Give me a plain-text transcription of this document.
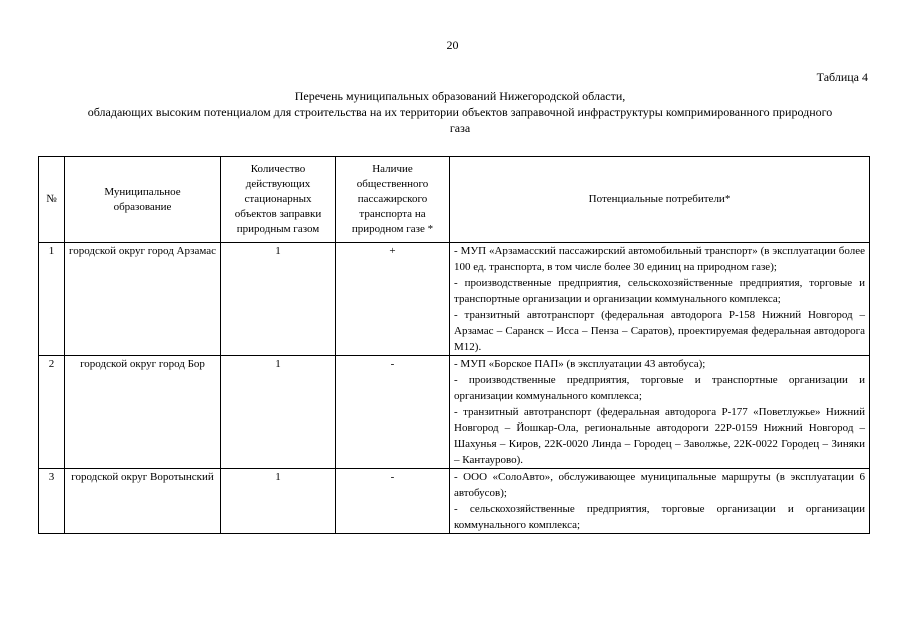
20
Таблица 4
Перечень муниципальных образований Нижегородской области,
обладающих высоким потенциалом для строительства на их территории объектов заправочной инфраструктуры компримированного природного
газа
№	Муниципальное образование	Количество действующих стационарных объектов заправки природным газом	Наличие общественного пассажирского транспорта на природном газе *	Потенциальные потребители*
1	городской округ город Арзамас	1	+	- МУП «Арзамасский пассажирский автомобильный транспорт» (в эксплуатации более 100 ед. транспорта, в том числе более 30 единиц на природном газе);
- производственные предприятия, сельскохозяйственные предприятия, торговые и транспортные организации и организации коммунального комплекса;
- транзитный автотранспорт (федеральная автодорога Р-158 Нижний Новгород – Арзамас – Саранск – Исса – Пенза – Саратов), проектируемая федеральная автодорога М12).

2	городской округ город Бор	1	-	- МУП «Борское ПАП» (в эксплуатации 43 автобуса);
- производственные предприятия, торговые и транспортные организации и организации коммунального комплекса;
- транзитный автотранспорт (федеральная автодорога Р-177 «Поветлужье» Нижний Новгород – Йошкар-Ола, региональные автодороги 22Р-0159 Нижний Новгород – Шахунья – Киров, 22К-0020 Линда – Городец – Заволжье, 22К-0022 Городец – Зиняки – Кантаурово).

3	городской округ Воротынский	1	-	- ООО «СолоАвто», обслуживающее муниципальные маршруты (в эксплуатации 6 автобусов);
- сельскохозяйственные предприятия, торговые организации и организации коммунального комплекса;
